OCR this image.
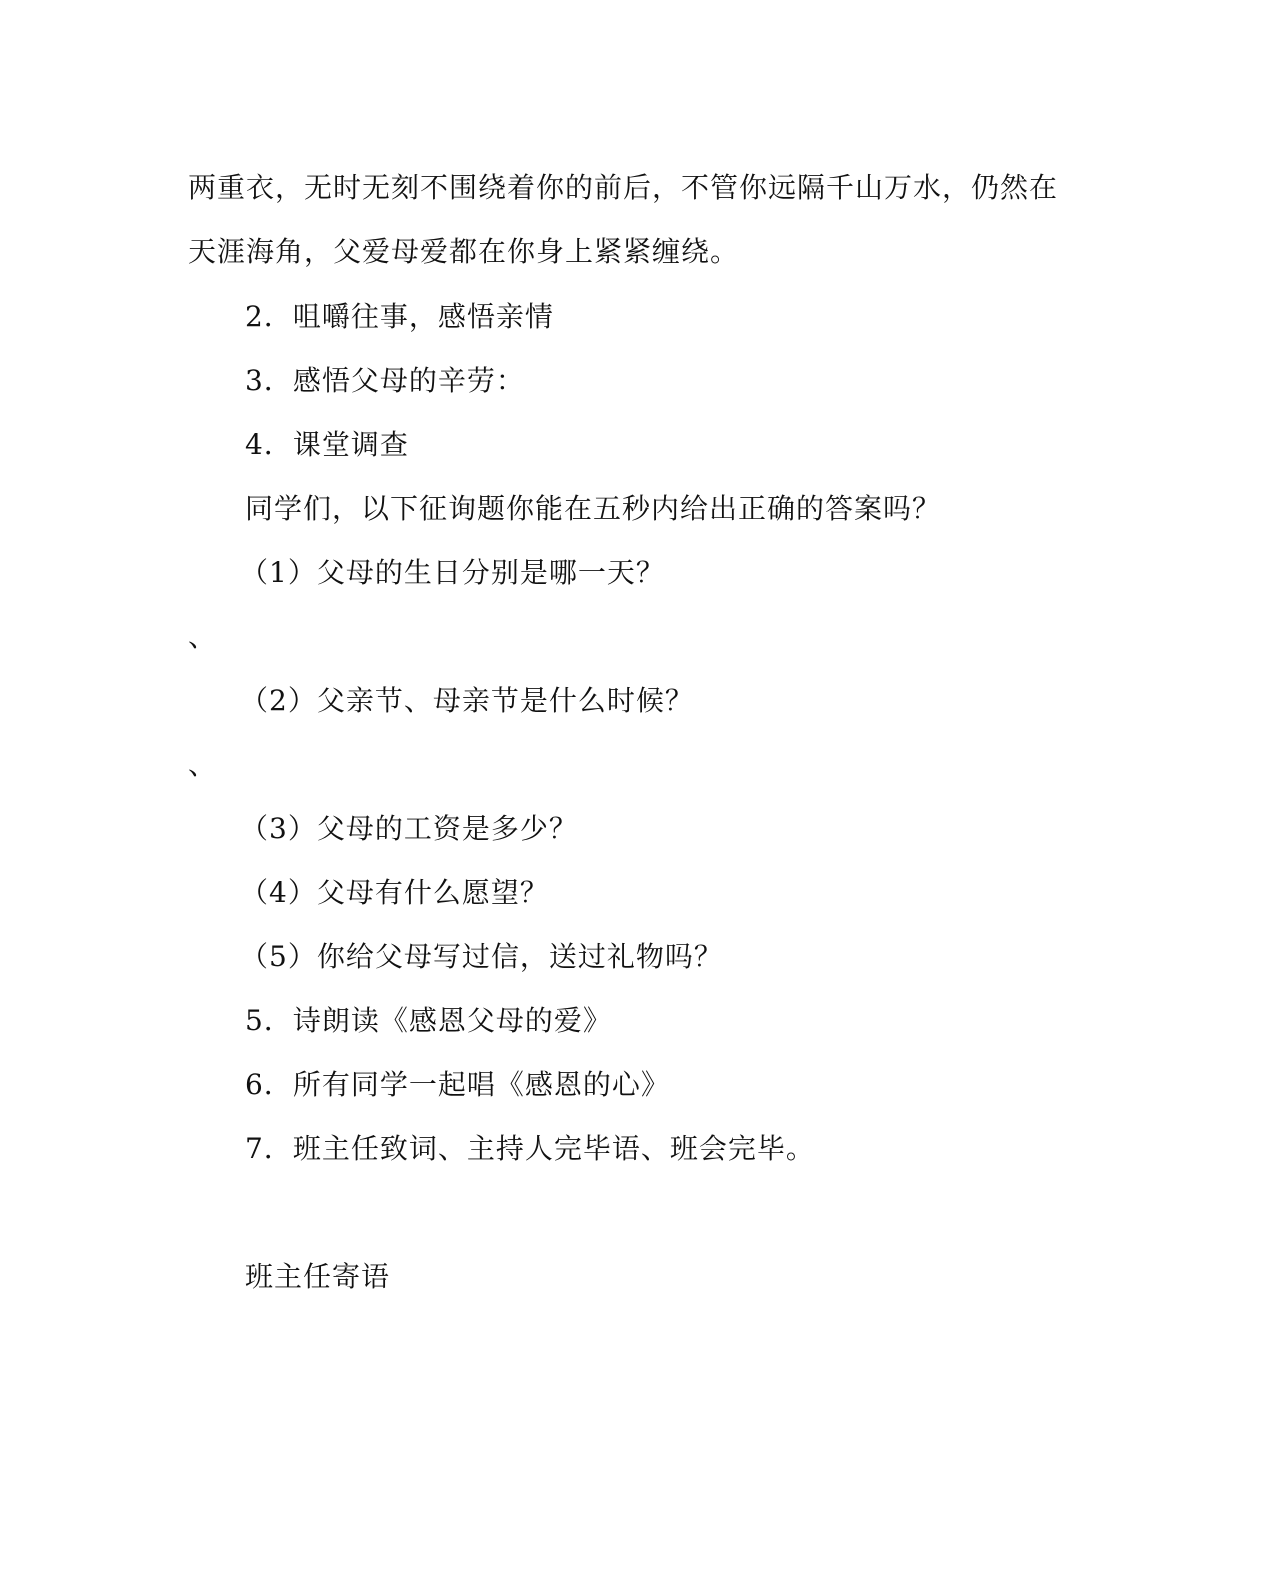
两重衣，无时无刻不围绕着你的前后，不管你远隔千山万水，仍然在
天涯海角，父爱母爱都在你身上紧紧缠绕。
2．咀嚼往事，感悟亲情
3．感悟父母的辛劳：
4．课堂调查
同学们，以下征询题你能在五秒内给出正确的答案吗？
（1）父母的生日分别是哪一天？
、
（2）父亲节、母亲节是什么时候？
、
（3）父母的工资是多少？
（4）父母有什么愿望？
（5）你给父母写过信，送过礼物吗？
5．诗朗读《感恩父母的爱》
6．所有同学一起唱《感恩的心》
7．班主任致词、主持人完毕语、班会完毕。
班主任寄语
